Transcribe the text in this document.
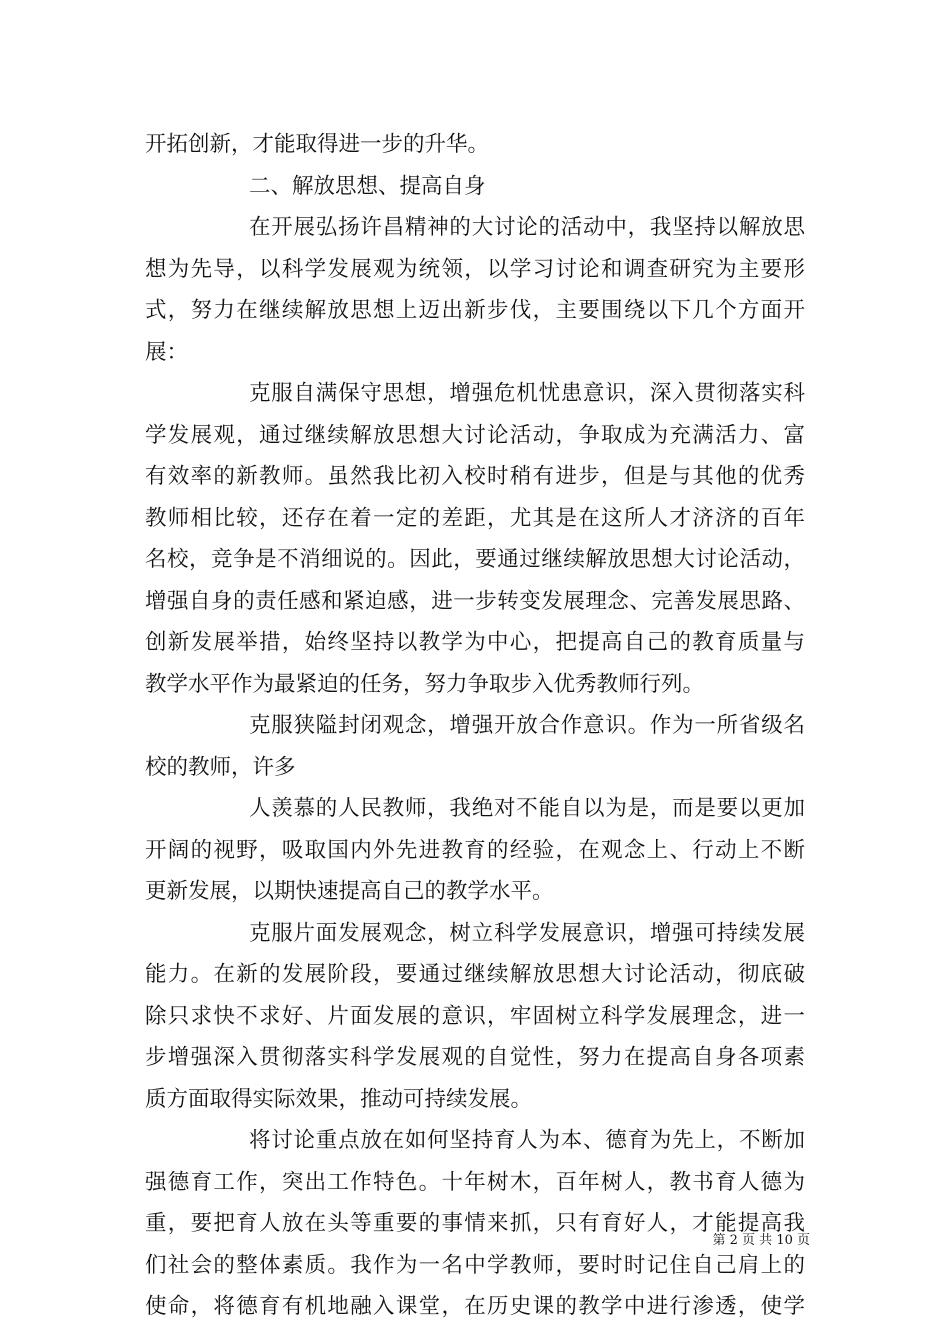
开拓创新，才能取得进一步的升华。
二、解放思想、提高自身
在开展弘扬许昌精神的大讨论的活动中，我坚持以解放思
想为先导，以科学发展观为统领，以学习讨论和调查研究为主要形
式，努力在继续解放思想上迈出新步伐，主要围绕以下几个方面开
展：
克服自满保守思想，增强危机忧患意识，深入贯彻落实科
学发展观，通过继续解放思想大讨论活动，争取成为充满活力、富
有效率的新教师。虽然我比初入校时稍有进步，但是与其他的优秀
教师相比较，还存在着一定的差距，尤其是在这所人才济济的百年
名校，竞争是不消细说的。因此，要通过继续解放思想大讨论活动，
增强自身的责任感和紧迫感，进一步转变发展理念、完善发展思路、
创新发展举措，始终坚持以教学为中心，把提高自己的教育质量与
教学水平作为最紧迫的任务，努力争取步入优秀教师行列。
克服狭隘封闭观念，增强开放合作意识。作为一所省级名
校的教师，许多
人羡慕的人民教师，我绝对不能自以为是，而是要以更加
开阔的视野，吸取国内外先进教育的经验，在观念上、行动上不断
更新发展，以期快速提高自己的教学水平。
克服片面发展观念，树立科学发展意识，增强可持续发展
能力。在新的发展阶段，要通过继续解放思想大讨论活动，彻底破
除只求快不求好、片面发展的意识，牢固树立科学发展理念，进一
步增强深入贯彻落实科学发展观的自觉性，努力在提高自身各项素
质方面取得实际效果，推动可持续发展。
将讨论重点放在如何坚持育人为本、德育为先上，不断加
强德育工作，突出工作特色。十年树木，百年树人，教书育人德为
重，要把育人放在头等重要的事情来抓，只有育好人，才能提高我
们社会的整体素质。我作为一名中学教师，要时时记住自己肩上的
使命，将德育有机地融入课堂，在历史课的教学中进行渗透，使学
第 2 页 共 10 页
